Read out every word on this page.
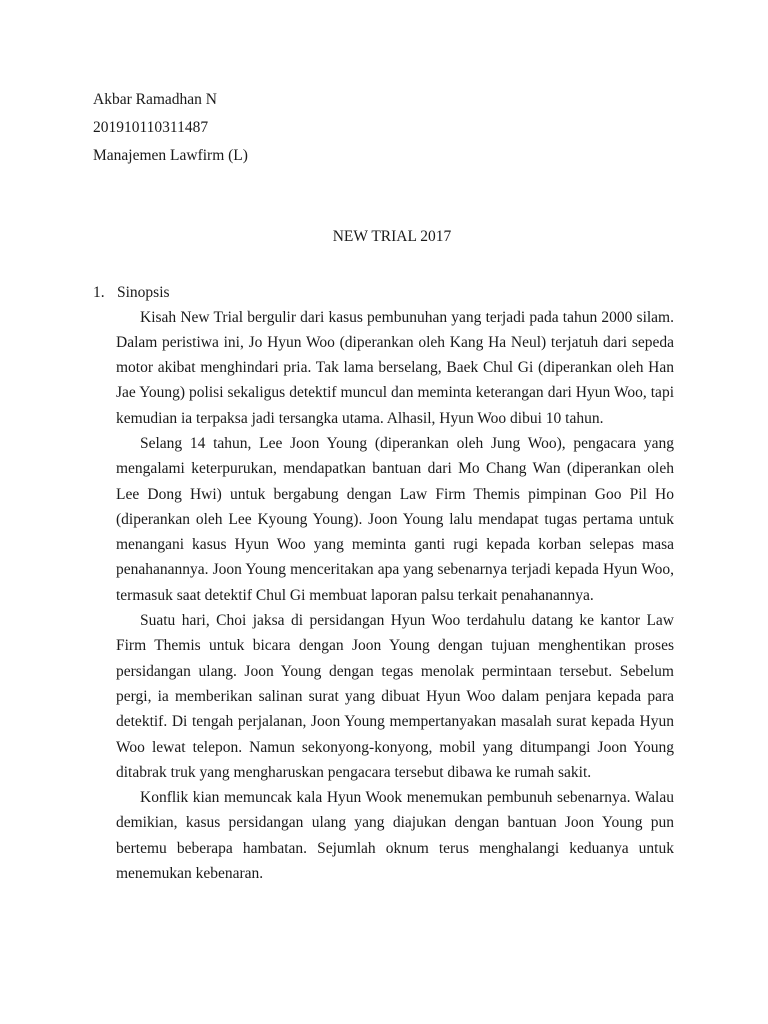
Akbar Ramadhan N
201910110311487
Manajemen Lawfirm (L)
NEW TRIAL 2017
1. Sinopsis

Kisah New Trial bergulir dari kasus pembunuhan yang terjadi pada tahun 2000 silam. Dalam peristiwa ini, Jo Hyun Woo (diperankan oleh Kang Ha Neul) terjatuh dari sepeda motor akibat menghindari pria. Tak lama berselang, Baek Chul Gi (diperankan oleh Han Jae Young) polisi sekaligus detektif muncul dan meminta keterangan dari Hyun Woo, tapi kemudian ia terpaksa jadi tersangka utama. Alhasil, Hyun Woo dibui 10 tahun.

Selang 14 tahun, Lee Joon Young (diperankan oleh Jung Woo), pengacara yang mengalami keterpurukan, mendapatkan bantuan dari Mo Chang Wan (diperankan oleh Lee Dong Hwi) untuk bergabung dengan Law Firm Themis pimpinan Goo Pil Ho (diperankan oleh Lee Kyoung Young). Joon Young lalu mendapat tugas pertama untuk menangani kasus Hyun Woo yang meminta ganti rugi kepada korban selepas masa penahanannya. Joon Young menceritakan apa yang sebenarnya terjadi kepada Hyun Woo, termasuk saat detektif Chul Gi membuat laporan palsu terkait penahanannya.

Suatu hari, Choi jaksa di persidangan Hyun Woo terdahulu datang ke kantor Law Firm Themis untuk bicara dengan Joon Young dengan tujuan menghentikan proses persidangan ulang. Joon Young dengan tegas menolak permintaan tersebut. Sebelum pergi, ia memberikan salinan surat yang dibuat Hyun Woo dalam penjara kepada para detektif. Di tengah perjalanan, Joon Young mempertanyakan masalah surat kepada Hyun Woo lewat telepon. Namun sekonyong-konyong, mobil yang ditumpangi Joon Young ditabrak truk yang mengharuskan pengacara tersebut dibawa ke rumah sakit.

Konflik kian memuncak kala Hyun Wook menemukan pembunuh sebenarnya. Walau demikian, kasus persidangan ulang yang diajukan dengan bantuan Joon Young pun bertemu beberapa hambatan. Sejumlah oknum terus menghalangi keduanya untuk menemukan kebenaran.
